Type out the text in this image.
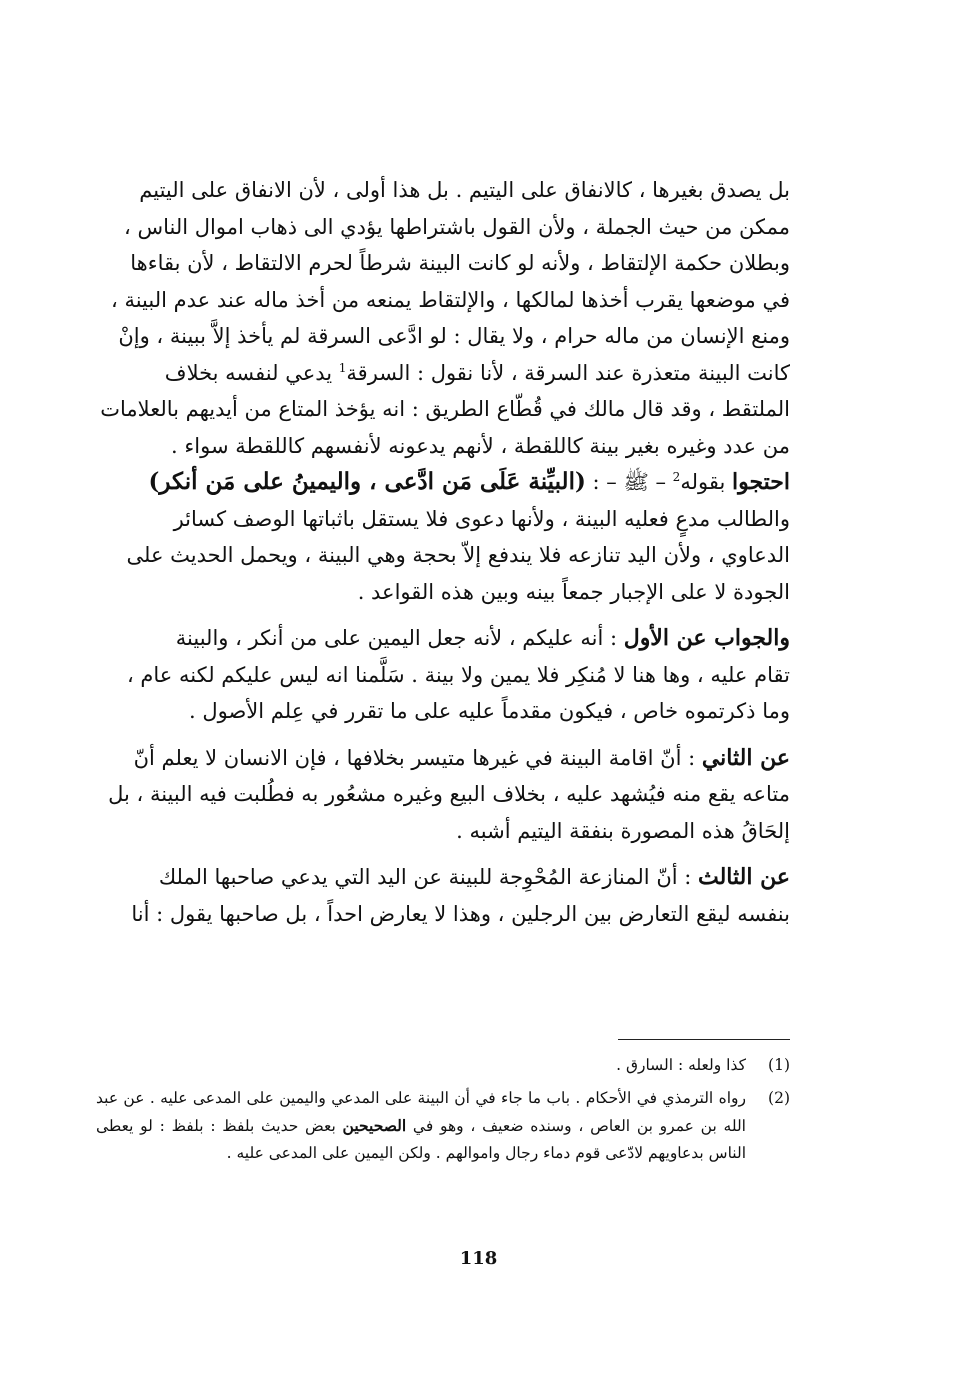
بل يصدق بغيرها ، كالانفاق على اليتيم . بل هذا أولى ، لأن الانفاق على اليتيم
ممكن من حيث الجملة ، ولأن القول باشتراطها يؤدي الى ذهاب اموال الناس ،
وبطلان حكمة الإلتقاط ، ولأنه لو كانت البينة شرطاً لحرم الالتقاط ، لأن بقاءها
في موضعها يقرب أخذها لمالكها ، والإلتقاط يمنعه من أخذ ماله عند عدم البينة ،
ومنع الإنسان من ماله حرام ، ولا يقال : لو ادَّعى السرقة لم يأخذ إلاَّ ببينة ، وإنْ
كانت البينة متعذرة عند السرقة ، لأنا نقول : السرقة$^1$ يدعي لنفسه بخلاف
الملتقط ، وقد قال مالك في قُطّاع الطريق : انه يؤخذ المتاع من أيديهم بالعلامات
من عدد وغيره بغير بينة كاللقطة ، لأنهم يدعونه لأنفسهم كاللقطة سواء .

احتجوا بقوله$^2$ – ﷺ – : (البيِّنة عَلَى مَن ادَّعى ، واليمينُ على مَن أنكر)
والطالب مدعٍ فعليه البينة ، ولأنها دعوى فلا يستقل باثباتها الوصف كسائر
الدعاوي ، ولأن اليد تنازعه فلا يندفع إلاّ بحجة وهي البينة ، ويحمل الحديث على
الجودة لا على الإجبار جمعاً بينه وبين هذه القواعد .

والجواب عن الأول : أنه عليكم ، لأنه جعل اليمين على من أنكر ، والبينة
تقام عليه ، وها هنا لا مُنكِر فلا يمين ولا بينة . سَلَّمنا انه ليس عليكم لكنه عام ،
وما ذكرتموه خاص ، فيكون مقدماً عليه على ما تقرر في عِلم الأصول .

عن الثاني : أنّ اقامة البينة في غيرها متيسر بخلافها ، فإن الانسان لا يعلم أنّ
متاعه يقع منه فيُشهد عليه ، بخلاف البيع وغيره مشعُور به فطُلبت فيه البينة ، بل
إلحَاقُ هذه المصورة بنفقة اليتيم أشبه .

عن الثالث : أنّ المنازعة المُحْوِجة للبينة عن اليد التي يدعي صاحبها الملك
بنفسه ليقع التعارض بين الرجلين ، وهذا لا يعارض احداً ، بل صاحبها يقول : أنا

(1)
كذا ولعله : السارق .
(2)
رواه الترمذي في الأحكام . باب ما جاء في أن البينة على المدعي واليمين على المدعى عليه . عن عبد الله بن عمرو بن العاص ، وسنده ضعيف ، وهو في الصحيحين بعض حديث بلفظ : بلفظ : لو يعطى الناس بدعاويهم لادّعى قوم دماء رجال واموالهم . ولكن اليمين على المدعى عليه .
118
